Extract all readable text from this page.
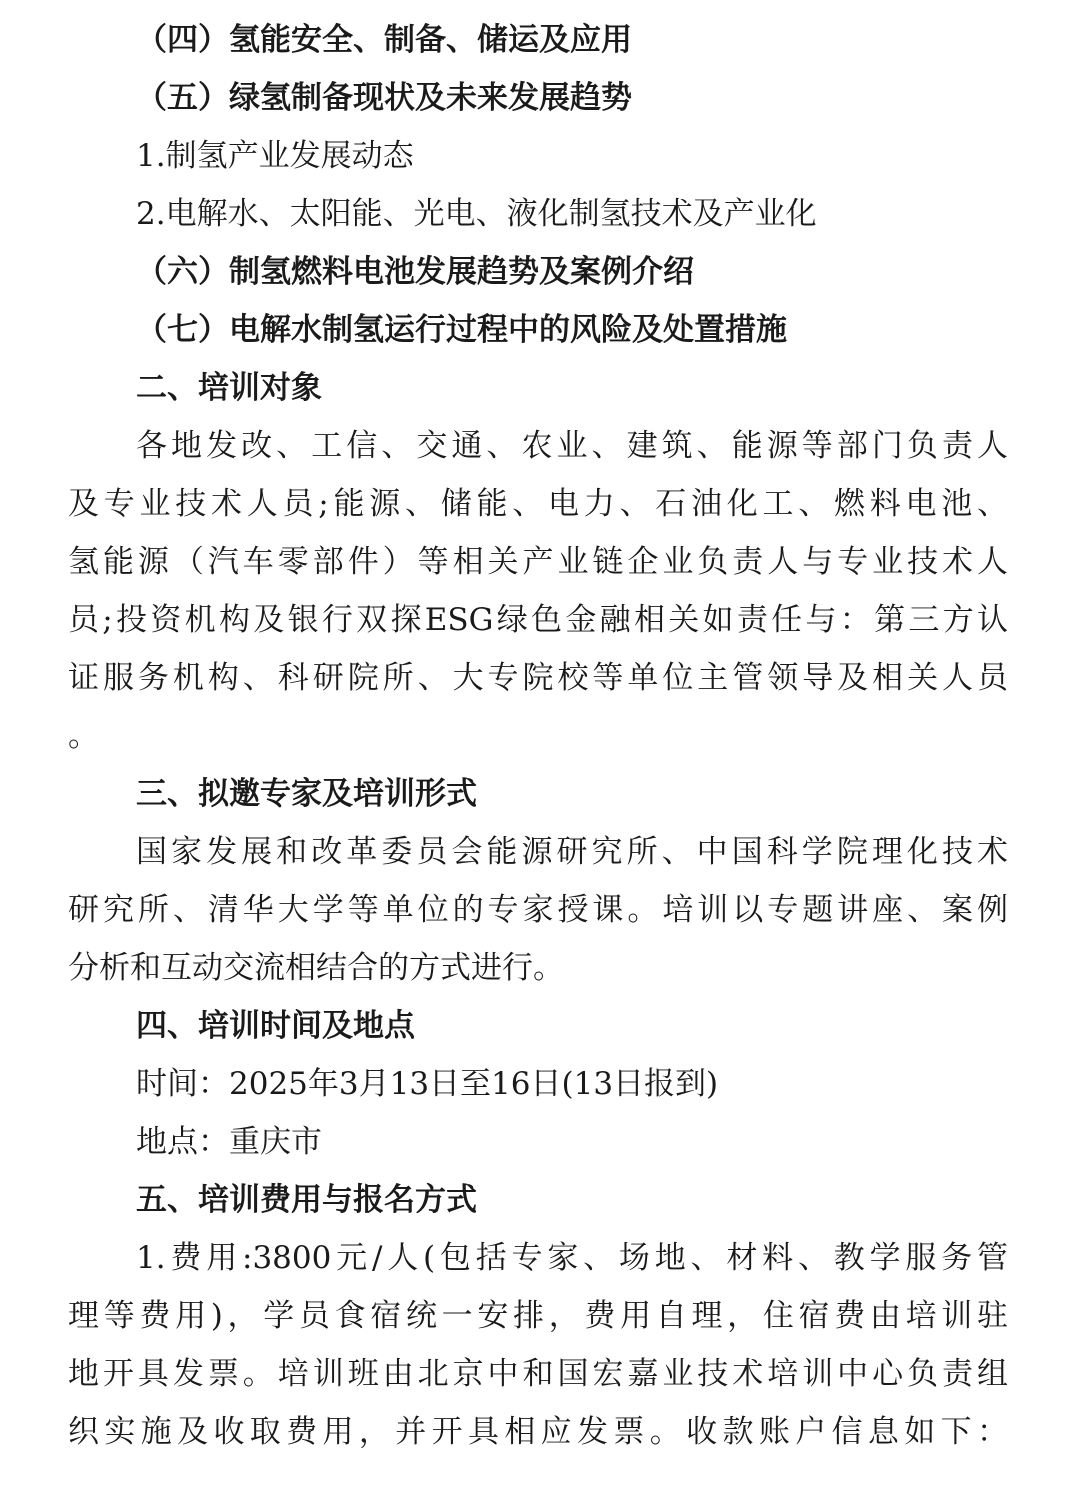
（四）氢能安全、制备、储运及应用
（五）绿氢制备现状及未来发展趋势
1.制氢产业发展动态
2.电解水、太阳能、光电、液化制氢技术及产业化
（六）制氢燃料电池发展趋势及案例介绍
（七）电解水制氢运行过程中的风险及处置措施
二、培训对象
各地发改、工信、交通、农业、建筑、能源等部门负责人
及专业技术人员;能源、储能、电力、石油化工、燃料电池、
氢能源（汽车零部件）等相关产业链企业负责人与专业技术人
员;投资机构及银行双探ESG绿色金融相关如责任与：第三方认
证服务机构、科研院所、大专院校等单位主管领导及相关人员
。
三、拟邀专家及培训形式
国家发展和改革委员会能源研究所、中国科学院理化技术
研究所、清华大学等单位的专家授课。培训以专题讲座、案例
分析和互动交流相结合的方式进行。
四、培训时间及地点
时间：2025年3月13日至16日(13日报到)
地点：重庆市
五、培训费用与报名方式
1.费用:3800元/人(包括专家、场地、材料、教学服务管
理等费用)，学员食宿统一安排，费用自理，住宿费由培训驻
地开具发票。培训班由北京中和国宏嘉业技术培训中心负责组
织实施及收取费用，并开具相应发票。收款账户信息如下：
